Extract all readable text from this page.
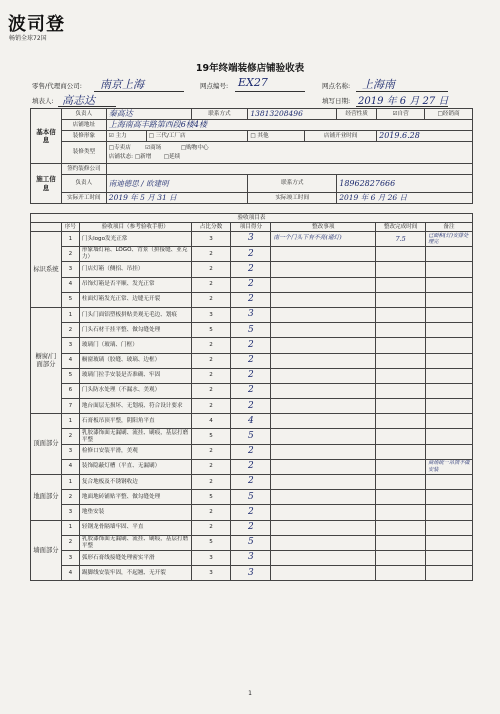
波司登
畅销全球72国
19年终端装修店铺验收表
零售/代理商公司: 南京上海	网点编号: EX27	网点名称: 上海南
填表人: 高志达	填写日期: 2019 年 6 月 27 日
基本信息	负责人	秦高达		联系方式	13813208496		经营性质	☑自营	□经销商
	店铺地址	上海南高丰路第西段6楼4楼							
	装修形象	☑ 主力	□ 三代/工厂店		□ 其他	店铺开业时间		2019.6.28	
	装修类型	□专卖店 ☑商场 □购物中心
店铺状态: □新增 □延续							
施工信息	签约装修公司								
	负责人	南迪德思 / 欧建明			联系方式		18962827666		
	实际开工时间	2019 年 5 月 31 日			实际竣工时间		2019 年 6 月 26 日		
验收项目表							
	序号	验收项目（参考验收手册）	占比分数	项目得分	整改事项	整改完成时间	备注
标识系统	1	门头logo发光正常	3	3	南一个门头下有不亮(通灯)	7.5	已面积(灯)安排处理完
	2	形象墙灯箱、LOGO、背景（拼接缝、亚克力）	2	2			
	3	门店灯箱（侧招、吊挂）	2	2			
	4	吊饰灯箱是否平顺、发光正常	2	2			
	5	柱面灯箱发光正常、边缝无开裂	2	2			
橱窗/门面部分	1	门头门面铝塑板拼贴美观无毛边、划痕	3	3			
	2	门头石材干挂平整、做勾缝处理	5	5			
	3	玻璃门（玻璃、门框）	2	2			
	4	橱窗玻璃（胶缝、玻璃、边框）	2	2			
	5	玻璃门拉手安装是否准确、牢固	2	2			
	6	门头防水处理（不漏水、美观）	2	2			
	7	地台面层无损坏、无划痕、符合设计要求	2	2			
顶面部分	1	石膏板吊顶平整，阴阳角平直	4	4			
	2	乳胶漆饰面无漏刷、流挂、刷痕，基层打磨平整	5	5			
	3	检修口安装平滑，美观	2	2			
	4	装饰隐蔽灯槽（平直、无漏刷）	2	2			商场统一吊顶不做安装
地面部分	1	复合地板及不锈钢收边	2	2			
	2	地面地砖铺贴平整、做勾缝处理	5	5			
	3	地垫安装	2	2			
墙面部分	1	轻钢龙骨隔墙牢固、平直	2	2			
	2	乳胶漆饰面无漏刷、流挂、刷痕，基层打磨平整	5	5			
	3	弧形石膏线接缝处理密实平滑	3	3			
	4	踢脚线安装牢固，不起翘、无开裂	3	3			
1
